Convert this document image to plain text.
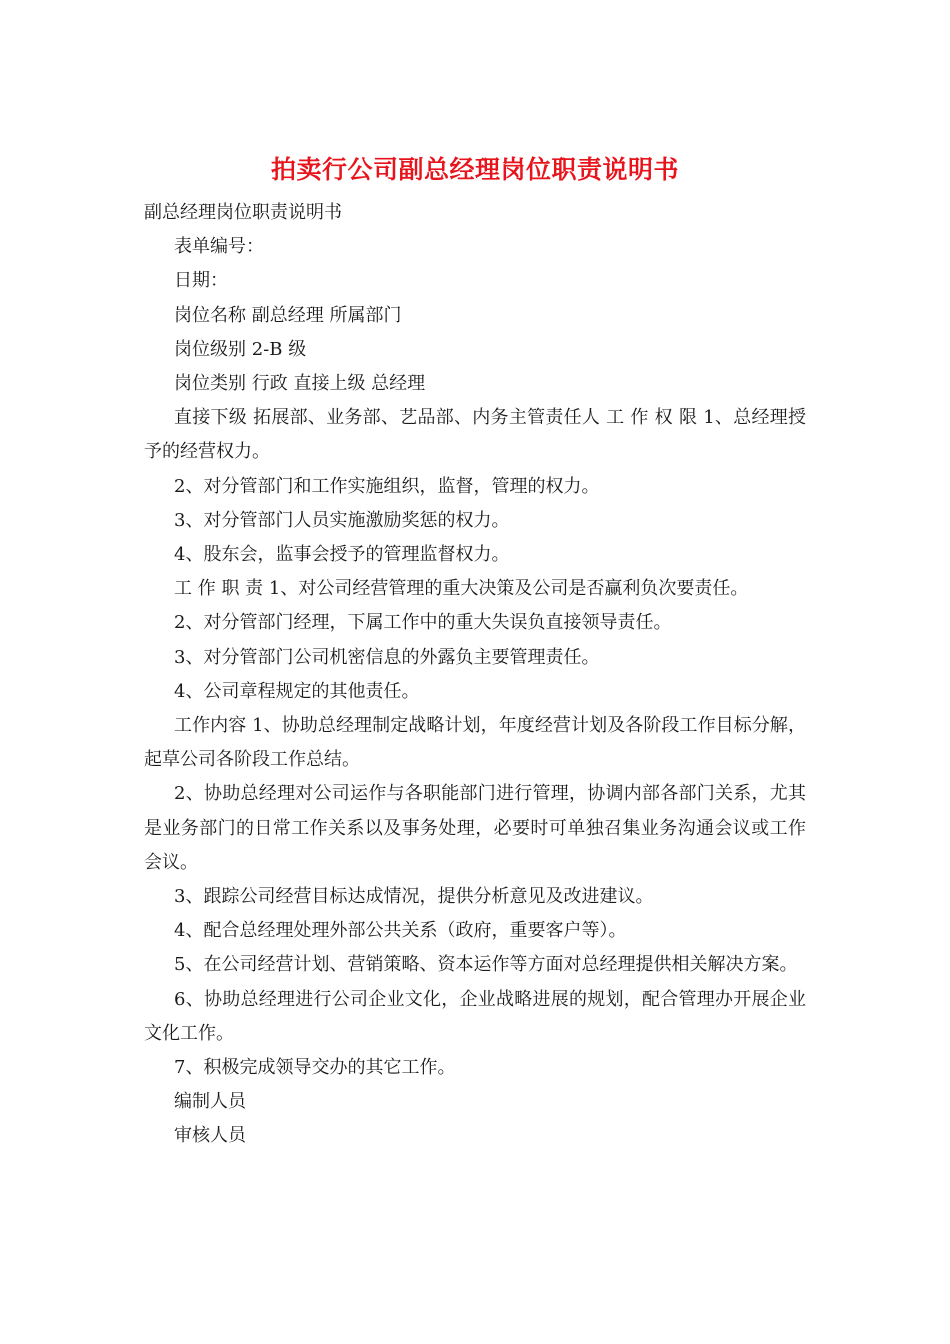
拍卖行公司副总经理岗位职责说明书

副总经理岗位职责说明书

表单编号：

日期：

岗位名称 副总经理 所属部门

岗位级别 2-B 级

岗位类别 行政 直接上级 总经理

直接下级 拓展部、业务部、艺品部、内务主管责任人 工 作 权 限 1、总经理授予的经营权力。

2、对分管部门和工作实施组织，监督，管理的权力。

3、对分管部门人员实施激励奖惩的权力。

4、股东会，监事会授予的管理监督权力。

工 作 职 责 1、对公司经营管理的重大决策及公司是否赢利负次要责任。

2、对分管部门经理，下属工作中的重大失误负直接领导责任。

3、对分管部门公司机密信息的外露负主要管理责任。

4、公司章程规定的其他责任。

工作内容 1、协助总经理制定战略计划，年度经营计划及各阶段工作目标分解，起草公司各阶段工作总结。

2、协助总经理对公司运作与各职能部门进行管理，协调内部各部门关系，尤其是业务部门的日常工作关系以及事务处理，必要时可单独召集业务沟通会议或工作会议。

3、跟踪公司经营目标达成情况，提供分析意见及改进建议。

4、配合总经理处理外部公共关系（政府，重要客户等）。

5、在公司经营计划、营销策略、资本运作等方面对总经理提供相关解决方案。

6、协助总经理进行公司企业文化，企业战略进展的规划，配合管理办开展企业文化工作。

7、积极完成领导交办的其它工作。

编制人员

审核人员
